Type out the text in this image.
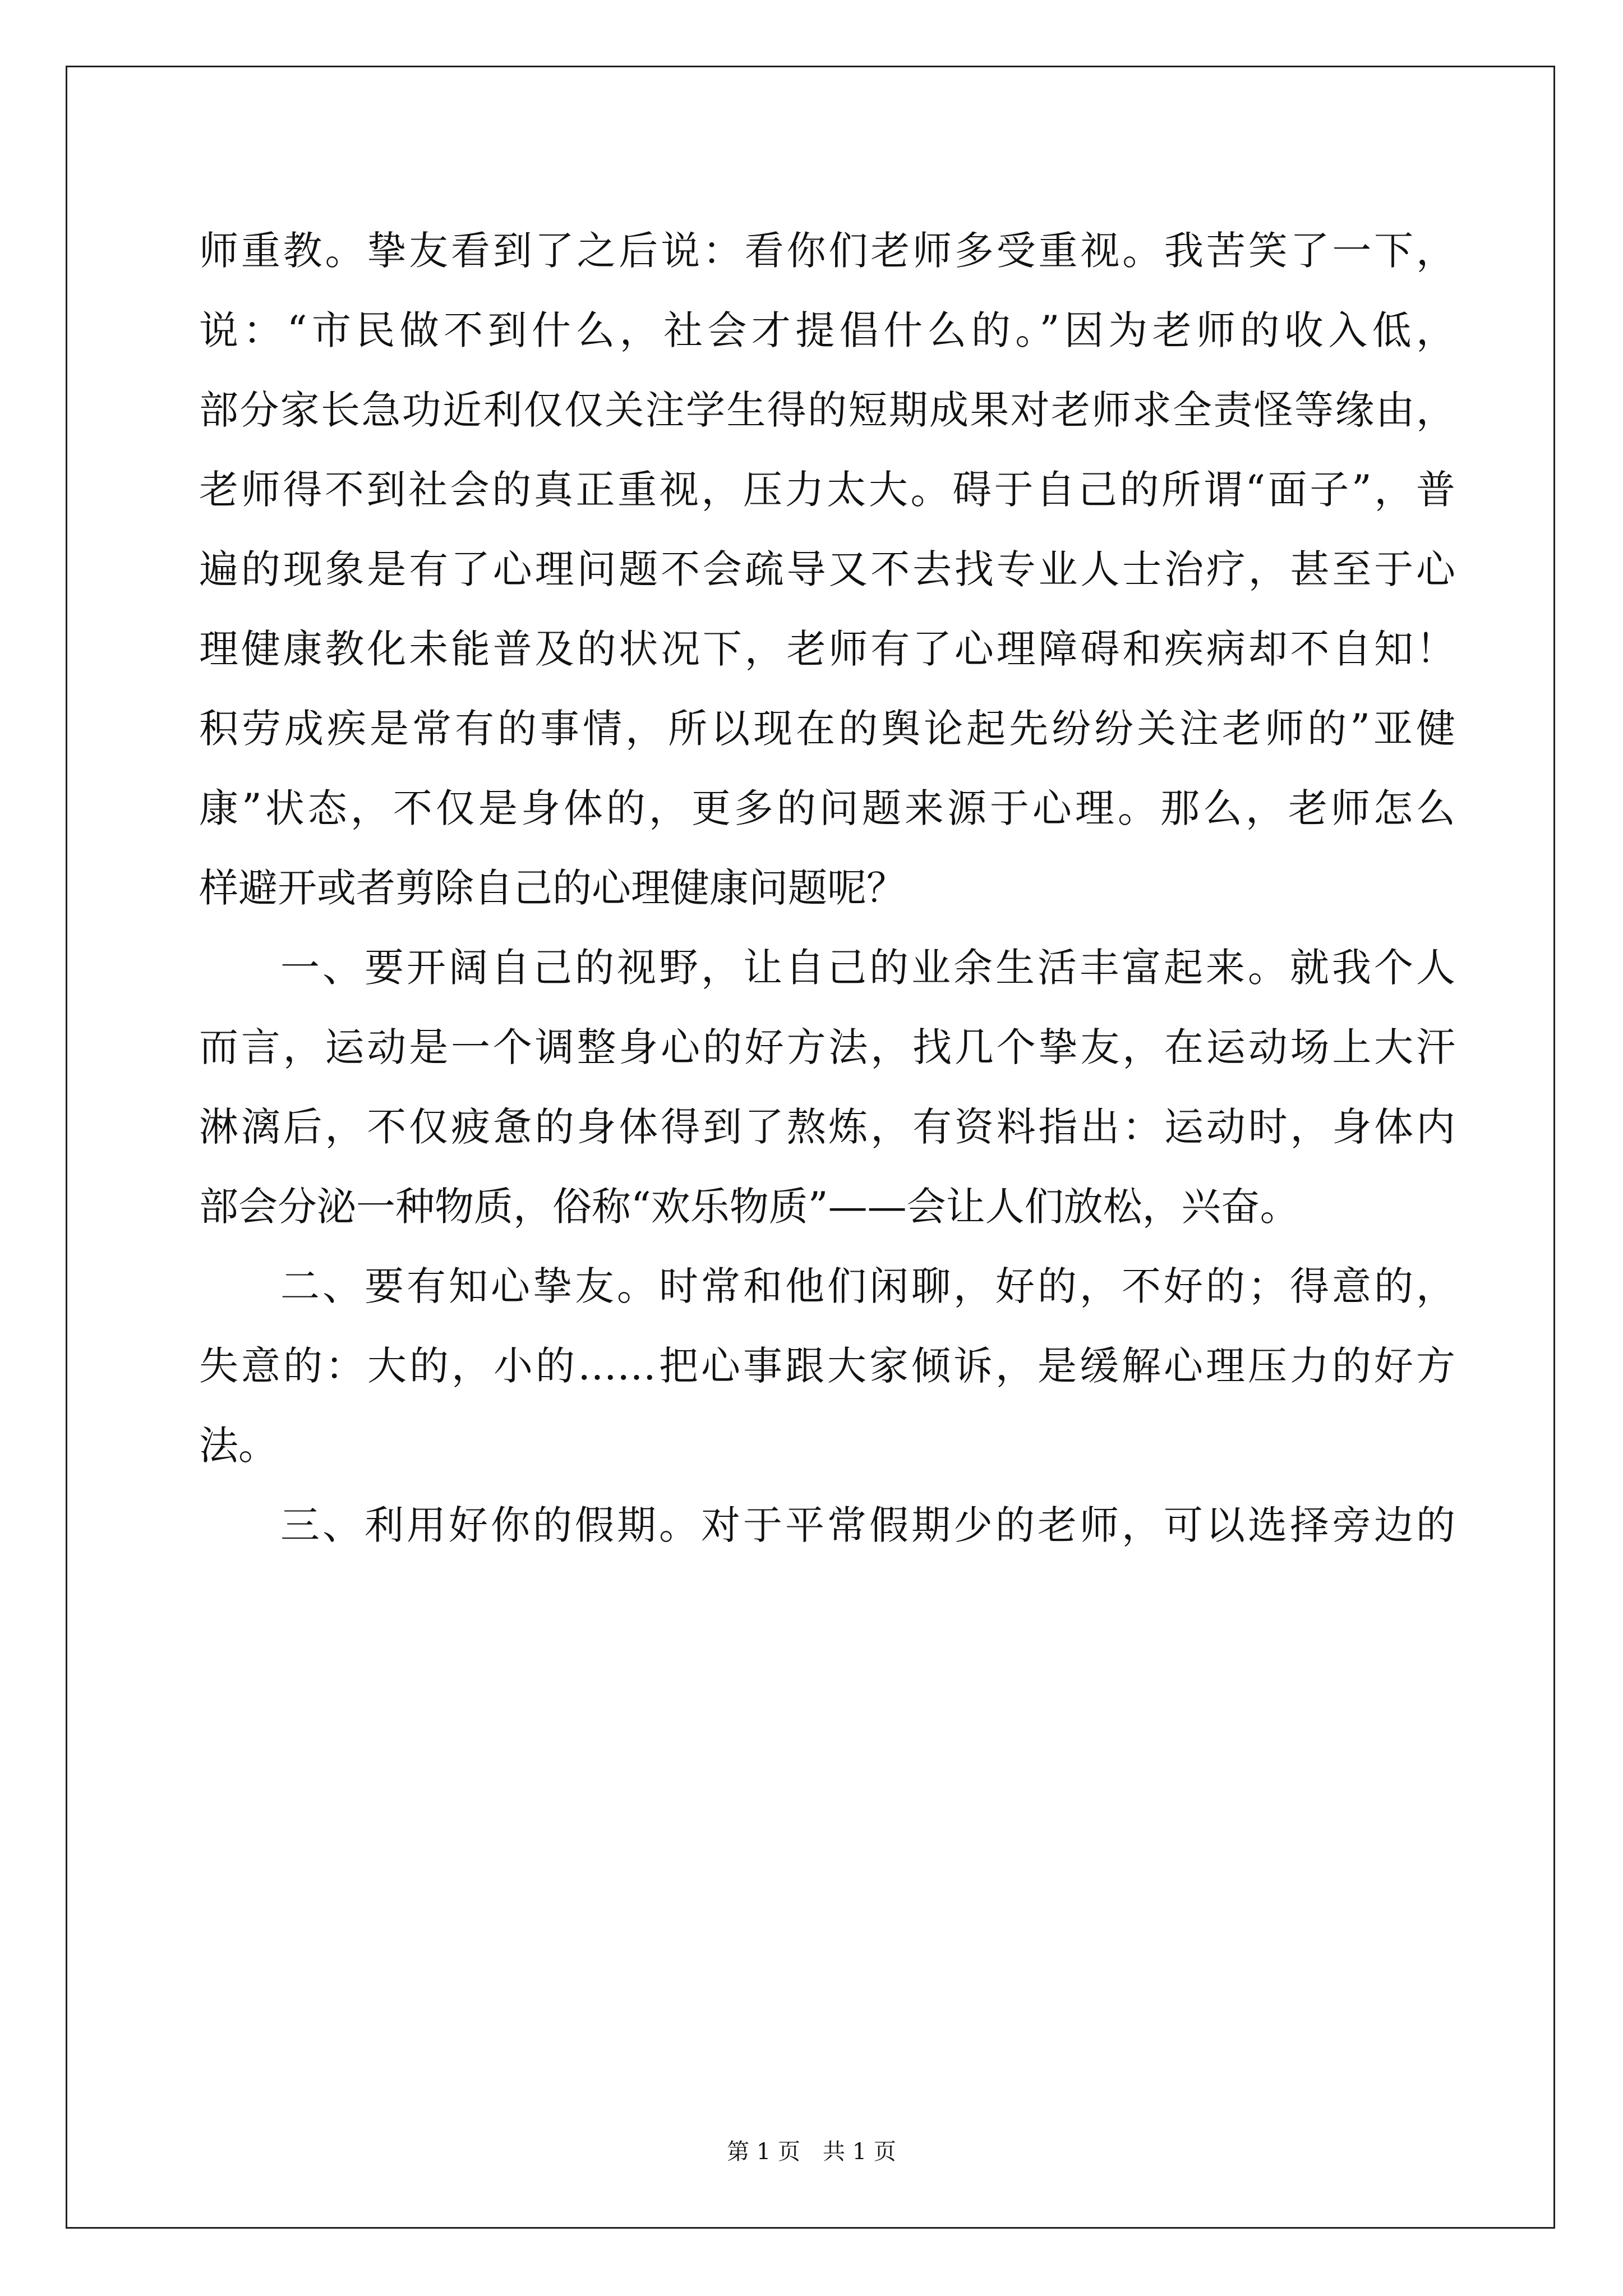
师重教。挚友看到了之后说：看你们老师多受重视。我苦笑了一下，
说：“市民做不到什么，社会才提倡什么的。”因为老师的收入低，
部分家长急功近利仅仅关注学生得的短期成果对老师求全责怪等缘由，
老师得不到社会的真正重视，压力太大。碍于自己的所谓“面子”，普
遍的现象是有了心理问题不会疏导又不去找专业人士治疗，甚至于心
理健康教化未能普及的状况下，老师有了心理障碍和疾病却不自知！
积劳成疾是常有的事情，所以现在的舆论起先纷纷关注老师的”亚健
康”状态，不仅是身体的，更多的问题来源于心理。那么，老师怎么
样避开或者剪除自己的心理健康问题呢？
一、要开阔自己的视野，让自己的业余生活丰富起来。就我个人
而言，运动是一个调整身心的好方法，找几个挚友，在运动场上大汗
淋漓后，不仅疲惫的身体得到了熬炼，有资料指出：运动时，身体内
部会分泌一种物质，俗称“欢乐物质”——会让人们放松，兴奋。
二、要有知心挚友。时常和他们闲聊，好的，不好的；得意的，
失意的：大的，小的……把心事跟大家倾诉，是缓解心理压力的好方
法。
三、利用好你的假期。对于平常假期少的老师，可以选择旁边的
第 1 页 共 1 页
